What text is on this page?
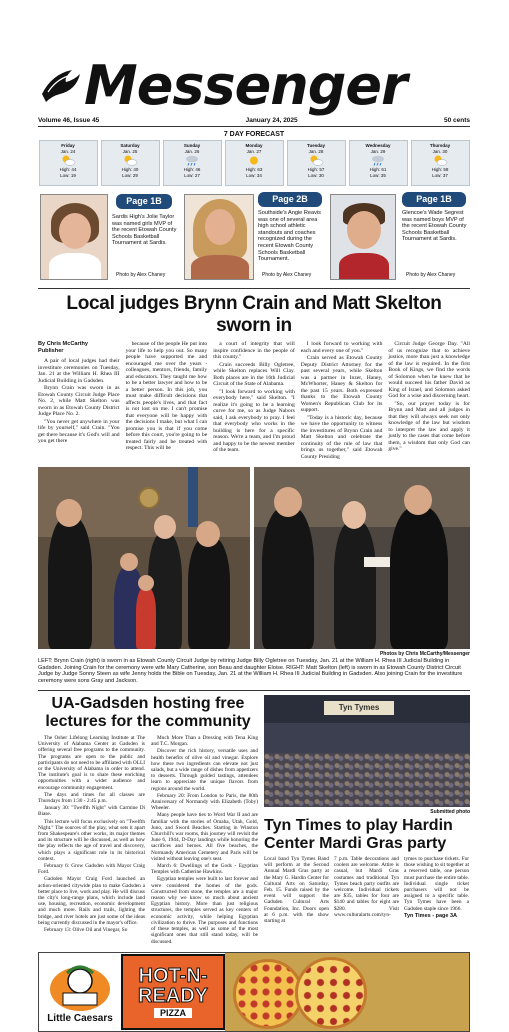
Messenger
Volume 46, Issue 45	January 24, 2025	50 cents
7 DAY FORECAST
Friday
Jan. 24
High: 44
Low: 19
Saturday
Jan. 25
High: 40
Low: 29
Sunday
Jan. 26
High: 46
Low: 27
Monday
Jan. 27
High: 63
Low: 34
Tuesday
Jan. 28
High: 57
Low: 30
Wednesday
Jan. 29
High: 61
Low: 35
Thursday
Jan. 30
High: 58
Low: 37
Page 1B
Sardis High's Jolie Taylor was named girls MVP of the recent Etowah County Schools Basketball Tournament at Sardis.
Photo by Alex Chaney
Page 2B
Southside's Angie Reavis was one of several area high school athletic standouts and coaches recognized during the recent Etowah County Schools Basketball Tournament.
Photo by Alex Chaney
Page 1B
Glencoe's Wade Segrest was named boys MVP of the recent Etowah County Schools Basketball Tournament at Sardis.
Photo by Alex Chaney
Local judges Brynn Crain and Matt Skelton sworn in
By Chris McCarthy
Publisher

A pair of local judges had their investiture ceremonies on Tuesday, Jan. 21 at the William H. Rhea III Judicial Building in Gadsden.

Brynn Crain was sworn in as Etowah County Circuit Judge Place No. 2, while Matt Skelton was sworn in as Etowah County District Judge Place No. 2.

"You never get anywhere in your life by yourself," said Crain. "You get there because it's God's will and you get there

because of the people He put into your life to help you out. So many people have supported me and encouraged me over the years - colleagues, mentors, friends, family and educators. They taught me how to be a better lawyer and how to be a better person. In this job, you must make difficult decisions that affects people's lives, and that fact is not lost on me. I can't promise that everyone will be happy with the decisions I make, but what I can promise you is that if you come before this court, you're going to be treated fairly and be treated with respect. This will be

a court of integrity that will inspire confidence in the people of this county."

Crain succeeds Billy Ogletree, while Skelton replaces Will Clay. Both places are in the 16th Judicial Circuit of the State of Alabama.

"I look forward to working with everybody here," said Skelton. "I realize it's going to be a learning curve for me, so as Judge Nabors said, I ask everybody to pray. I feel that everybody who works in the building is here for a specific reason. We're a team, and I'm proud and happy to be the newest member of the team.

I look forward to working with each and every one of you."

Crain served as Etowah County Deputy District Attorney for the past several years, while Skelton was a partner in Inzer, Haney, McWhorter, Haney & Skelton for the past 15 years. Both expressed thanks to the Etowah County Women's Republican Club for its support.

"Today is a historic day, because we have the opportunity to witness the investitures of Brynn Crain and Matt Skelton and celebrate the continuity of the rule of law that brings us together," said Etowah County Presiding

Circuit Judge George Day. "All of us recognize that to achieve justice, more than just a knowledge of the law is required. In the first Book of Kings, we find the words of Solomon when he knew that he would succeed his father David as King of Israel, and Solomon asked God for a wise and discerning heart.

"So, our prayer today is for Brynn and Matt and all judges in that they will always seek not only knowledge of the law but wisdom to interpret the law and apply it justly to the cases that come before them, a wisdom that only God can give."

Photos by Chris McCarthy/Messenger
LEFT: Brynn Crain (right) is sworn in as Etowah County Circuit Judge by retiring Judge Billy Ogletree on Tuesday, Jan. 21 at the William H. Rhea III Judicial Building in Gadsden. Joining Crain for the ceremony were wife Mary Catherine, son Beau and daughter Eloise. RIGHT: Matt Skelton (left) is sworn in as Etowah County District Circuit Judge by Judge Sonny Steen as wife Jenny holds the Bible on Tuesday, Jan. 21 at the William H. Rhea III Judicial Building in Gadsden. Also joining Crain for the investiture ceremony were sons Gray and Jackson.
UA-Gadsden hosting free lectures for the community

The Osher Lifelong Learning Institute at The University of Alabama Center at Gadsden is offering several free programs to the community. The programs are open to the public and participants do not need to be affiliated with OLLI or the University of Alabama in order to attend. The institute's goal is to share these enriching opportunities with a wider audience and encourage community engagement.

The days and times for all classes are Thursdays from 1:30 - 2:45 p.m.

January 30: "Twelfth Night" with Carmine Di Biase.

This lecture will focus exclusively on "Twelfth Night." The sources of the play, what sets it apart from Shakespeare's other works, its major themes and its structure will be discussed, as well as how the play reflects the age of travel and discovery, which plays a significant role in its historical context.

February 6: Grow Gadsden with Mayor Craig Ford.

Gadsden Mayor Craig Ford launched an action-oriented citywide plan to make Gadsden a better place to live, work and play. He will discuss the city's long-range plans, which include land use, housing, recreation, economic development and much more. Rails and trails, lighting the bridge, and river hotels are just some of the ideas being currently discussed in the mayor's office.

February 13: Olive Oil and Vinegar, So

Much More Than a Dressing with Tena King and T.C. Morgan.

Discover the rich history, versatile uses and health benefits of olive oil and vinegar. Explore how these two ingredients can elevate not just salads, but a wide range of dishes from appetizers to desserts. Through guided tastings, attendees learn to appreciate the unique flavors from regions around the world.

February 20: From London to Paris, the 80th Anniversary of Normandy with Elizabeth (Toby) Wheeler.

Many people have ties to Word War II and are familiar with the stories of Omaha, Utah, Gold, Juno, and Sword Beaches. Starting in Winston Churchill's war rooms, this journey will revisit the June 6, 1944, D-Day landings while honoring the sacrifices and heroes. All five beaches, the Normandy American Cemetery and Paris will be visited without leaving one's seat.

March 6: Dwellings of the Gods - Egyptian Temples with Catherine Hawkins.

Egyptian temples were built to last forever and were considered the homes of the gods. Constructed from stone, the temples are a major reason why we know so much about ancient Egyptian history. More than just religious structures, the temples served as key centers of economic activity, while helping Egyptian civilization to thrive. The purposes and functions of these temples, as well as some of the most significant ones that still stand today, will be discussed.

Tyn Tymes
Submitted photo
Tyn Times to play Hardin Center Mardi Gras party
Local band Tyn Tymes Band will perform at the Second Annual Mardi Gras party at the Mary G. Hardin Center for Cultural Arts on Saturday, Feb. 15. Funds raised by the event will support the Gadsden Cultural Arts Foundation, Inc. Doors open at 6 p.m. with the show starting at
7 p.m. Table decorations and coolers are welcome. Attire is casual, but Mardi Gras costumes and traditional Tyn Tymes beach party outfits are welcome. Individual tickets are $35, tables for four are $140 and tables for eight are $280. Visit www.culturalarts.com/tyn-
tymes to purchase tickets. For those wishing to sit together at a reserved table, one person must purchase the entire table. Individual single ticket purchasers will not be assigned to a specific table. Tyn Tymes have been a Gadsden staple since 1966.
Tyn Times - page 3A
Little Caesars
HOT-N-
READY
PIZZA
